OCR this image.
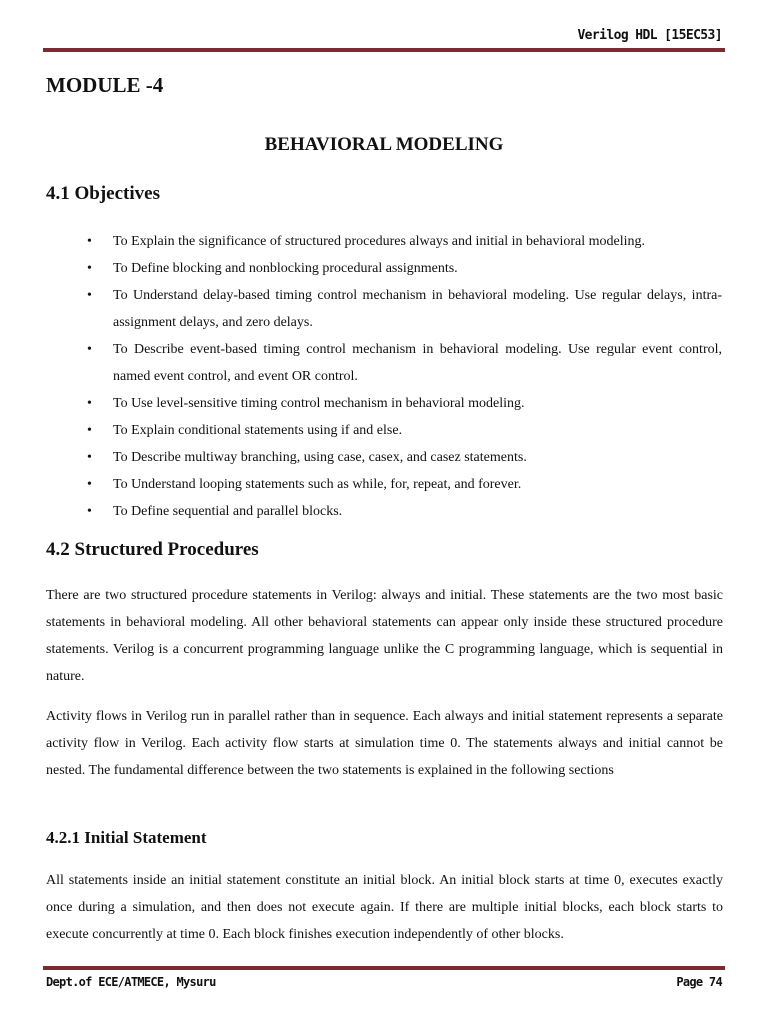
Verilog HDL [15EC53]
MODULE -4
BEHAVIORAL MODELING
4.1 Objectives
• To Explain the significance of structured procedures always and initial in behavioral modeling.
• To Define blocking and nonblocking procedural assignments.
• To Understand delay-based timing control mechanism in behavioral modeling. Use regular delays, intra-assignment delays, and zero delays.
• To Describe event-based timing control mechanism in behavioral modeling. Use regular event control, named event control, and event OR control.
• To Use level-sensitive timing control mechanism in behavioral modeling.
• To Explain conditional statements using if and else.
• To Describe multiway branching, using case, casex, and casez statements.
• To Understand looping statements such as while, for, repeat, and forever.
• To Define sequential and parallel blocks.
4.2 Structured Procedures

There are two structured procedure statements in Verilog: always and initial. These statements are the two most basic statements in behavioral modeling. All other behavioral statements can appear only inside these structured procedure statements. Verilog is a concurrent programming language unlike the C programming language, which is sequential in nature.

Activity flows in Verilog run in parallel rather than in sequence. Each always and initial statement represents a separate activity flow in Verilog. Each activity flow starts at simulation time 0. The statements always and initial cannot be nested. The fundamental difference between the two statements is explained in the following sections

4.2.1 Initial Statement

All statements inside an initial statement constitute an initial block. An initial block starts at time 0, executes exactly once during a simulation, and then does not execute again. If there are multiple initial blocks, each block starts to execute concurrently at time 0. Each block finishes execution independently of other blocks.

Dept.of ECE/ATMECE, Mysuru	Page 74
